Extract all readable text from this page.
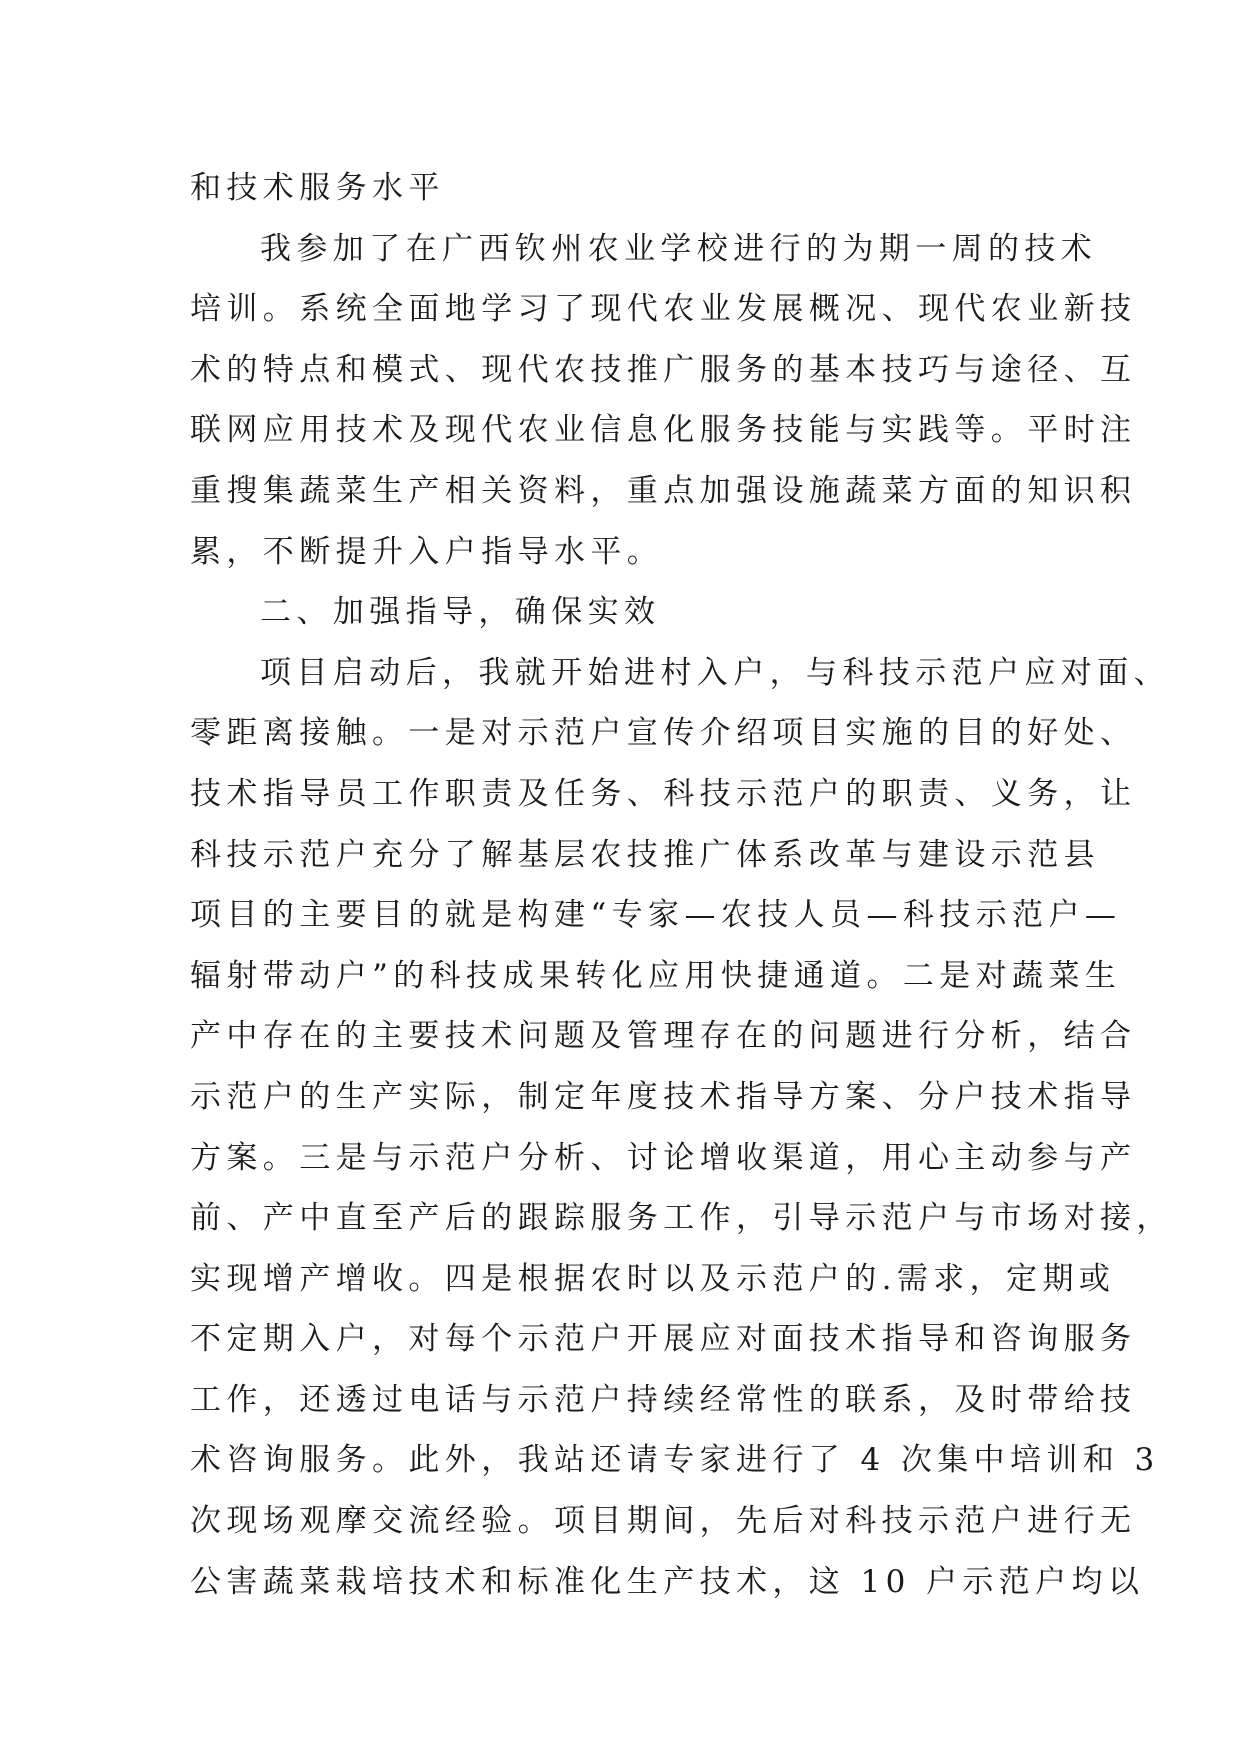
和技术服务水平
我参加了在广西钦州农业学校进行的为期一周的技术
培训。系统全面地学习了现代农业发展概况、现代农业新技
术的特点和模式、现代农技推广服务的基本技巧与途径、互
联网应用技术及现代农业信息化服务技能与实践等。平时注
重搜集蔬菜生产相关资料，重点加强设施蔬菜方面的知识积
累，不断提升入户指导水平。
二、加强指导，确保实效
项目启动后，我就开始进村入户，与科技示范户应对面、
零距离接触。一是对示范户宣传介绍项目实施的目的好处、
技术指导员工作职责及任务、科技示范户的职责、义务，让
科技示范户充分了解基层农技推广体系改革与建设示范县
项目的主要目的就是构建“专家—农技人员—科技示范户—
辐射带动户”的科技成果转化应用快捷通道。二是对蔬菜生
产中存在的主要技术问题及管理存在的问题进行分析，结合
示范户的生产实际，制定年度技术指导方案、分户技术指导
方案。三是与示范户分析、讨论增收渠道，用心主动参与产
前、产中直至产后的跟踪服务工作，引导示范户与市场对接，
实现增产增收。四是根据农时以及示范户的.需求，定期或
不定期入户，对每个示范户开展应对面技术指导和咨询服务
工作，还透过电话与示范户持续经常性的联系，及时带给技
术咨询服务。此外，我站还请专家进行了 4 次集中培训和 3
次现场观摩交流经验。项目期间，先后对科技示范户进行无
公害蔬菜栽培技术和标准化生产技术，这 10 户示范户均以
